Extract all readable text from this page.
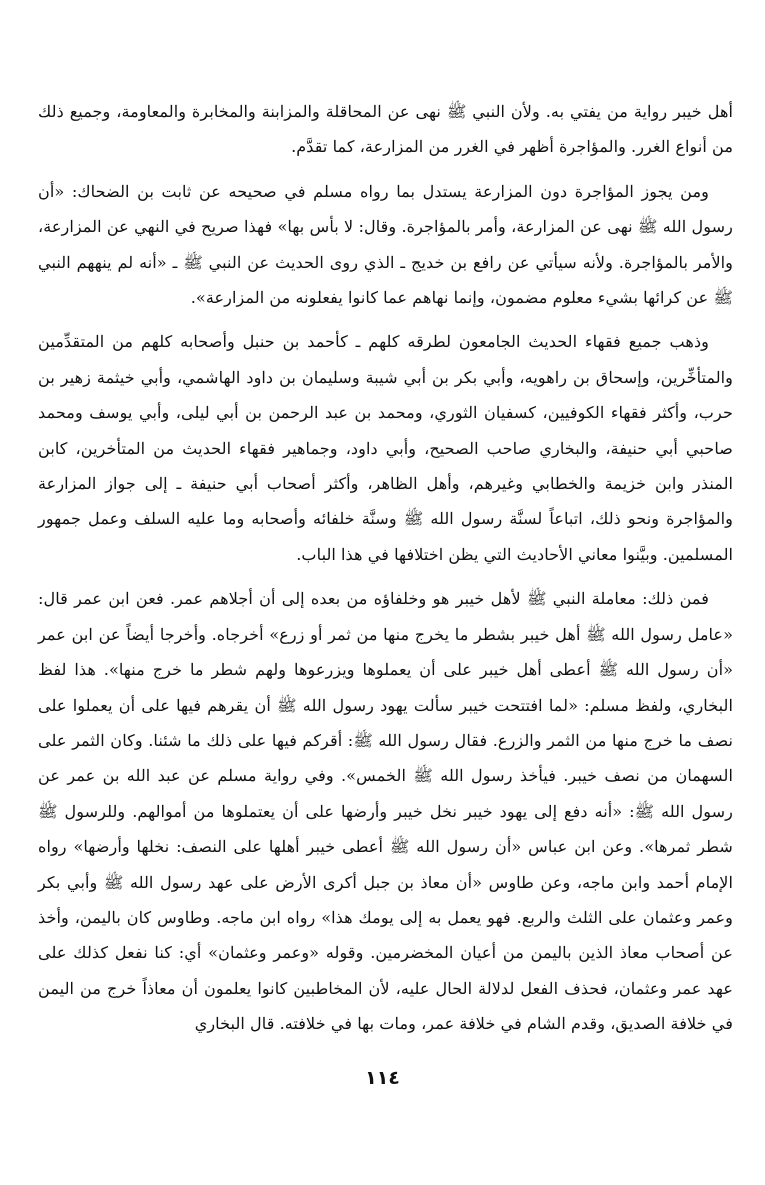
أهل خيبر رواية من يفتي به. ولأن النبي ﷺ نهى عن المحاقلة والمزابنة والمخابرة والمعاومة، وجميع ذلك من أنواع الغرر. والمؤاجرة أظهر في الغرر من المزارعة، كما تقدَّم.

ومن يجوز المؤاجرة دون المزارعة يستدل بما رواه مسلم في صحيحه عن ثابت بن الضحاك: «أن رسول الله ﷺ نهى عن المزارعة، وأمر بالمؤاجرة. وقال: لا بأس بها» فهذا صريح في النهي عن المزارعة، والأمر بالمؤاجرة. ولأنه سيأتي عن رافع بن خديج ـ الذي روى الحديث عن النبي ﷺ ـ «أنه لم ينههم النبي ﷺ عن كرائها بشيء معلوم مضمون، وإنما نهاهم عما كانوا يفعلونه من المزارعة».

وذهب جميع فقهاء الحديث الجامعون لطرقه كلهم ـ كأحمد بن حنبل وأصحابه كلهم من المتقدِّمين والمتأخِّرين، وإسحاق بن راهويه، وأبي بكر بن أبي شيبة وسليمان بن داود الهاشمي، وأبي خيثمة زهير بن حرب، وأكثر فقهاء الكوفيين، كسفيان الثوري، ومحمد بن عبد الرحمن بن أبي ليلى، وأبي يوسف ومحمد صاحبي أبي حنيفة، والبخاري صاحب الصحيح، وأبي داود، وجماهير فقهاء الحديث من المتأخرين، كابن المنذر وابن خزيمة والخطابي وغيرهم، وأهل الظاهر، وأكثر أصحاب أبي حنيفة ـ إلى جواز المزارعة والمؤاجرة ونحو ذلك، اتباعاً لسنَّة رسول الله ﷺ وسنَّة خلفائه وأصحابه وما عليه السلف وعمل جمهور المسلمين. وبيَّنوا معاني الأحاديث التي يظن اختلافها في هذا الباب.

فمن ذلك: معاملة النبي ﷺ لأهل خيبر هو وخلفاؤه من بعده إلى أن أجلاهم عمر. فعن ابن عمر قال: «عامل رسول الله ﷺ أهل خيبر بشطر ما يخرج منها من ثمر أو زرع» أخرجاه. وأخرجا أيضاً عن ابن عمر «أن رسول الله ﷺ أعطى أهل خيبر على أن يعملوها ويزرعوها ولهم شطر ما خرج منها». هذا لفظ البخاري، ولفظ مسلم: «لما افتتحت خيبر سألت يهود رسول الله ﷺ أن يقرهم فيها على أن يعملوا على نصف ما خرج منها من الثمر والزرع. فقال رسول الله ﷺ: أقركم فيها على ذلك ما شئنا. وكان الثمر على السهمان من نصف خيبر. فيأخذ رسول الله ﷺ الخمس». وفي رواية مسلم عن عبد الله بن عمر عن رسول الله ﷺ: «أنه دفع إلى يهود خيبر نخل خيبر وأرضها على أن يعتملوها من أموالهم. وللرسول ﷺ شطر ثمرها». وعن ابن عباس «أن رسول الله ﷺ أعطى خيبر أهلها على النصف: نخلها وأرضها» رواه الإمام أحمد وابن ماجه، وعن طاوس «أن معاذ بن جبل أكرى الأرض على عهد رسول الله ﷺ وأبي بكر وعمر وعثمان على الثلث والربع. فهو يعمل به إلى يومك هذا» رواه ابن ماجه. وطاوس كان باليمن، وأخذ عن أصحاب معاذ الذين باليمن من أعيان المخضرمين. وقوله «وعمر وعثمان» أي: كنا نفعل كذلك على عهد عمر وعثمان، فحذف الفعل لدلالة الحال عليه، لأن المخاطبين كانوا يعلمون أن معاذاً خرج من اليمن في خلافة الصديق، وقدم الشام في خلافة عمر، ومات بها في خلافته. قال البخاري

١١٤
